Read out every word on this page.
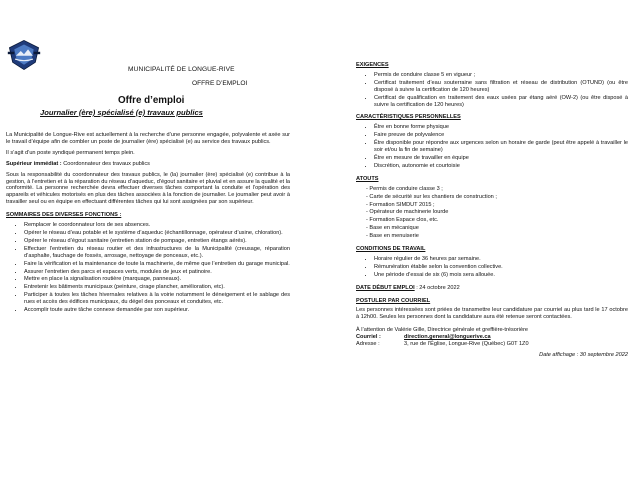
MUNICIPALITÉ DE LONGUE-RIVE
OFFRE D’EMPLOI
Offre d’emploi
Journalier (ère) spécialisé (e) travaux publics

La Municipalité de Longue-Rive est actuellement à la recherche d’une personne engagée, polyvalente et axée sur le travail d’équipe afin de combler un poste de journalier (ère) spécialisé (e) au service des travaux publics.

Il s’agit d’un poste syndiqué permanent temps plein.

Supérieur immédiat : Coordonnateur des travaux publics

Sous la responsabilité du coordonnateur des travaux publics, le (la) journalier (ère) spécialisé (e) contribue à la gestion, à l’entretien et à la réparation du réseau d’aqueduc, d’égout sanitaire et pluvial et en assure la qualité et la conformité. La personne recherchée devra effectuer diverses tâches comportant la conduite et l’opération des appareils et véhicules motorisés en plus des tâches associées à la fonction de journalier. Le journalier peut avoir à travailler seul ou en équipe en effectuant différentes tâches qui lui sont assignées par son supérieur.

SOMMAIRES DES DIVERSES FONCTIONS :
• Remplacer le coordonnateur lors de ses absences.
• Opérer le réseau d’eau potable et le système d’aqueduc (échantillonnage, opérateur d’usine, chloration).
• Opérer le réseau d’égout sanitaire (entretien station de pompage, entretien étangs aérés).
• Effectuer l’entretien du réseau routier et des infrastructures de la Municipalité (creusage, réparation d’asphalte, fauchage de fossés, arrosage, nettoyage de ponceaux, etc.).
• Faire la vérification et la maintenance de toute la machinerie, de même que l’entretien du garage municipal.
• Assurer l’entretien des parcs et espaces verts, modules de jeux et patinoire.
• Mettre en place la signalisation routière (marquage, panneaux).
• Entretenir les bâtiments municipaux (peinture, cirage plancher, amélioration, etc).
• Participer à toutes les tâches hivernales relatives à la voirie notamment le déneigement et le sablage des rues et accès des édifices municipaux, du dégel des ponceaux et conduites, etc.
• Accomplir toute autre tâche connexe demandée par son supérieur.
EXIGENCES
• Permis de conduire classe 5 en vigueur ;
• Certificat traitement d’eau souterraine sans filtration et réseau de distribution (OTUND) (ou être disposé à suivre la certification de 120 heures)
• Certificat de qualification en traitement des eaux usées par étang aéré (OW-2) (ou être disposé à suivre la certification de 120 heures)
CARACTÉRISTIQUES PERSONNELLES
• Être en bonne forme physique
• Faire preuve de polyvalence
• Être disponible pour répondre aux urgences selon un horaire de garde (peut être appelé à travailler le soir et/ou la fin de semaine)
• Être en mesure de travailler en équipe
• Discrétion, autonomie et courtoisie
ATOUTS
- Permis de conduire classe 3 ;
- Carte de sécurité sur les chantiers de construction ;
- Formation SIMDUT 2015 ;
- Opérateur de machinerie lourde
- Formation Espace clos, etc.
- Base en mécanique
- Base en menuiserie
CONDITIONS DE TRAVAIL
• Horaire régulier de 36 heures par semaine.
• Rémunération établie selon la convention collective.
• Une période d’essai de six (6) mois sera allouée.
DATE DÉBUT EMPLOI : 24 octobre 2022
POSTULER PAR COURRIEL

Les personnes intéressées sont priées de transmettre leur candidature par courriel au plus tard le 17 octobre à 12h00. Seules les personnes dont la candidature aura été retenue seront contactées.

À l’attention de Valérie Gille, Directrice générale et greffière-trésorière
Courriel :	direction.general@longuerive.ca
Adresse :	3, rue de l’Église, Longue-Rive (Québec) G0T 1Z0
Date affichage : 30 septembre 2022
